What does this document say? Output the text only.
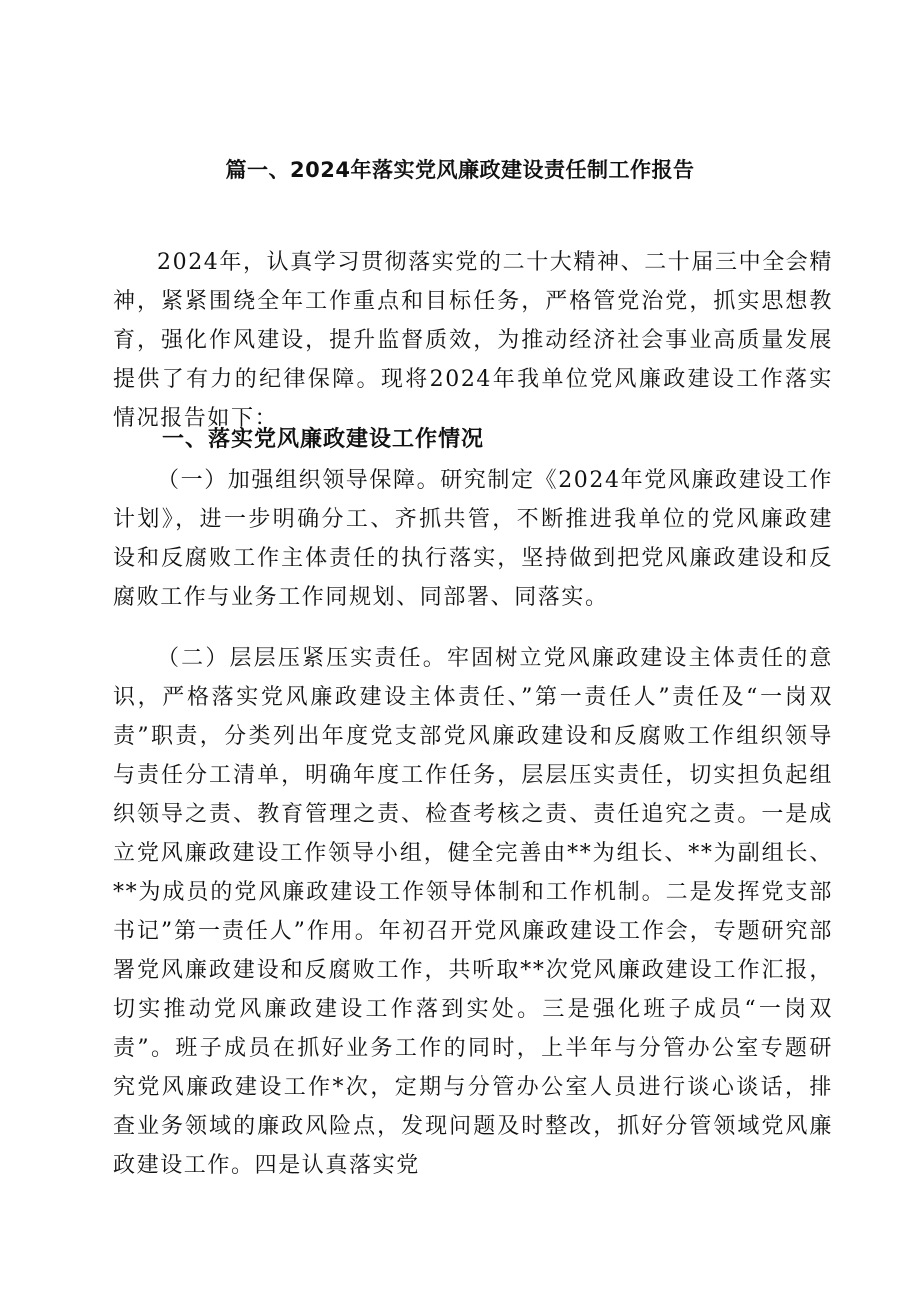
篇一、2024年落实党风廉政建设责任制工作报告

2024年，认真学习贯彻落实党的二十大精神、二十届三中全会精神，紧紧围绕全年工作重点和目标任务，严格管党治党，抓实思想教育，强化作风建设，提升监督质效，为推动经济社会事业高质量发展提供了有力的纪律保障。现将2024年我单位党风廉政建设工作落实情况报告如下：

一、落实党风廉政建设工作情况

（一）加强组织领导保障。研究制定《2024年党风廉政建设工作计划》，进一步明确分工、齐抓共管，不断推进我单位的党风廉政建设和反腐败工作主体责任的执行落实，坚持做到把党风廉政建设和反腐败工作与业务工作同规划、同部署、同落实。

（二）层层压紧压实责任。牢固树立党风廉政建设主体责任的意识，严格落实党风廉政建设主体责任、”第一责任人”责任及“一岗双责”职责，分类列出年度党支部党风廉政建设和反腐败工作组织领导与责任分工清单，明确年度工作任务，层层压实责任，切实担负起组织领导之责、教育管理之责、检查考核之责、责任追究之责。一是成立党风廉政建设工作领导小组，健全完善由**为组长、**为副组长、**为成员的党风廉政建设工作领导体制和工作机制。二是发挥党支部书记”第一责任人”作用。年初召开党风廉政建设工作会，专题研究部署党风廉政建设和反腐败工作，共听取**次党风廉政建设工作汇报，切实推动党风廉政建设工作落到实处。三是强化班子成员“一岗双责”。班子成员在抓好业务工作的同时，上半年与分管办公室专题研究党风廉政建设工作*次，定期与分管办公室人员进行谈心谈话，排查业务领域的廉政风险点，发现问题及时整改，抓好分管领域党风廉政建设工作。四是认真落实党
